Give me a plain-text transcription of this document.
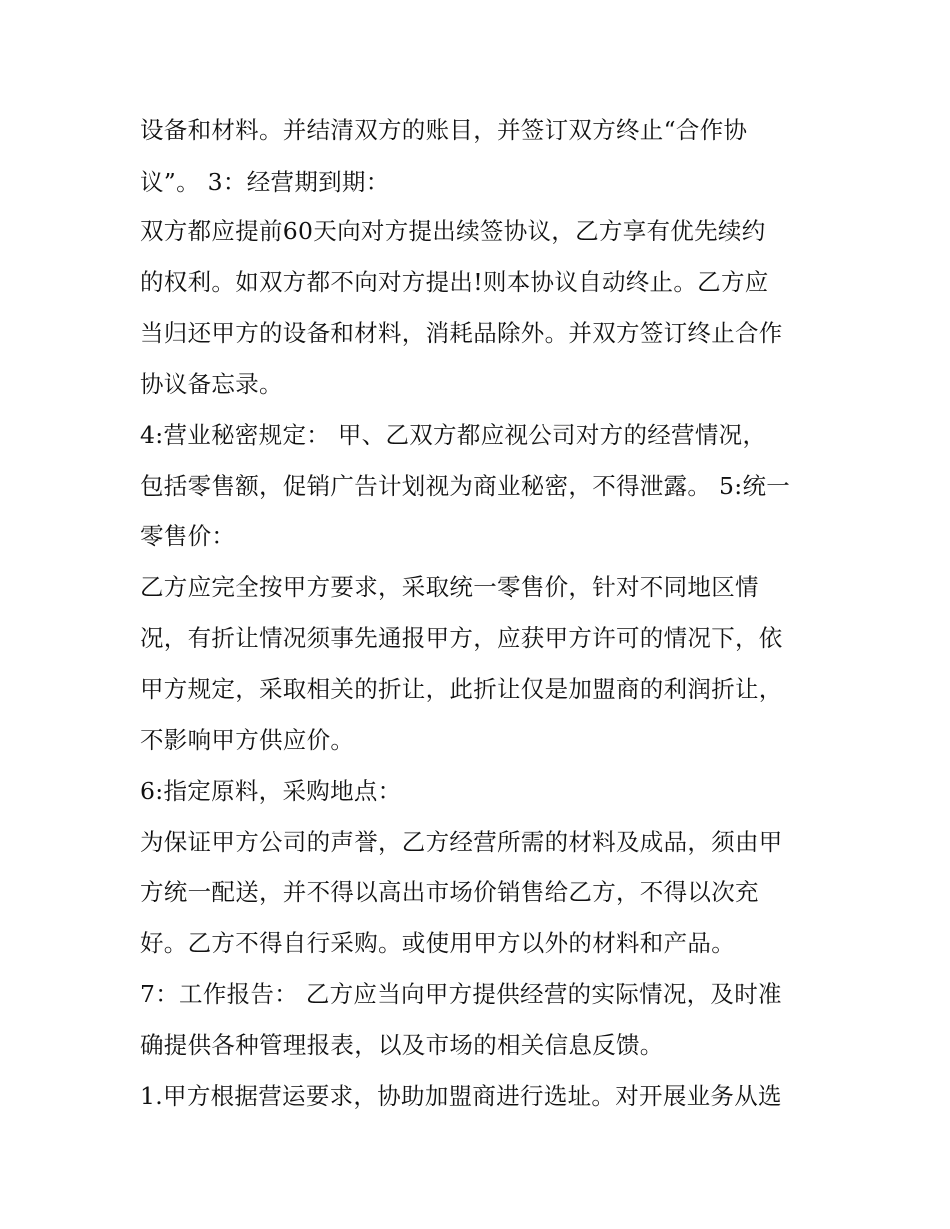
设备和材料。并结清双方的账目，并签订双方终止“合作协
议”。 3：经营期到期：
双方都应提前60天向对方提出续签协议，乙方享有优先续约
的权利。如双方都不向对方提出!则本协议自动终止。乙方应
当归还甲方的设备和材料，消耗品除外。并双方签订终止合作
协议备忘录。
4:营业秘密规定： 甲、乙双方都应视公司对方的经营情况，
包括零售额，促销广告计划视为商业秘密，不得泄露。 5:统一
零售价：
乙方应完全按甲方要求，采取统一零售价，针对不同地区情
况，有折让情况须事先通报甲方，应获甲方许可的情况下，依
甲方规定，采取相关的折让，此折让仅是加盟商的利润折让，
不影响甲方供应价。
6:指定原料，采购地点：
为保证甲方公司的声誉，乙方经营所需的材料及成品，须由甲
方统一配送，并不得以高出市场价销售给乙方，不得以次充
好。乙方不得自行采购。或使用甲方以外的材料和产品。
7：工作报告： 乙方应当向甲方提供经营的实际情况，及时准
确提供各种管理报表，以及市场的相关信息反馈。
1.甲方根据营运要求，协助加盟商进行选址。对开展业务从选
